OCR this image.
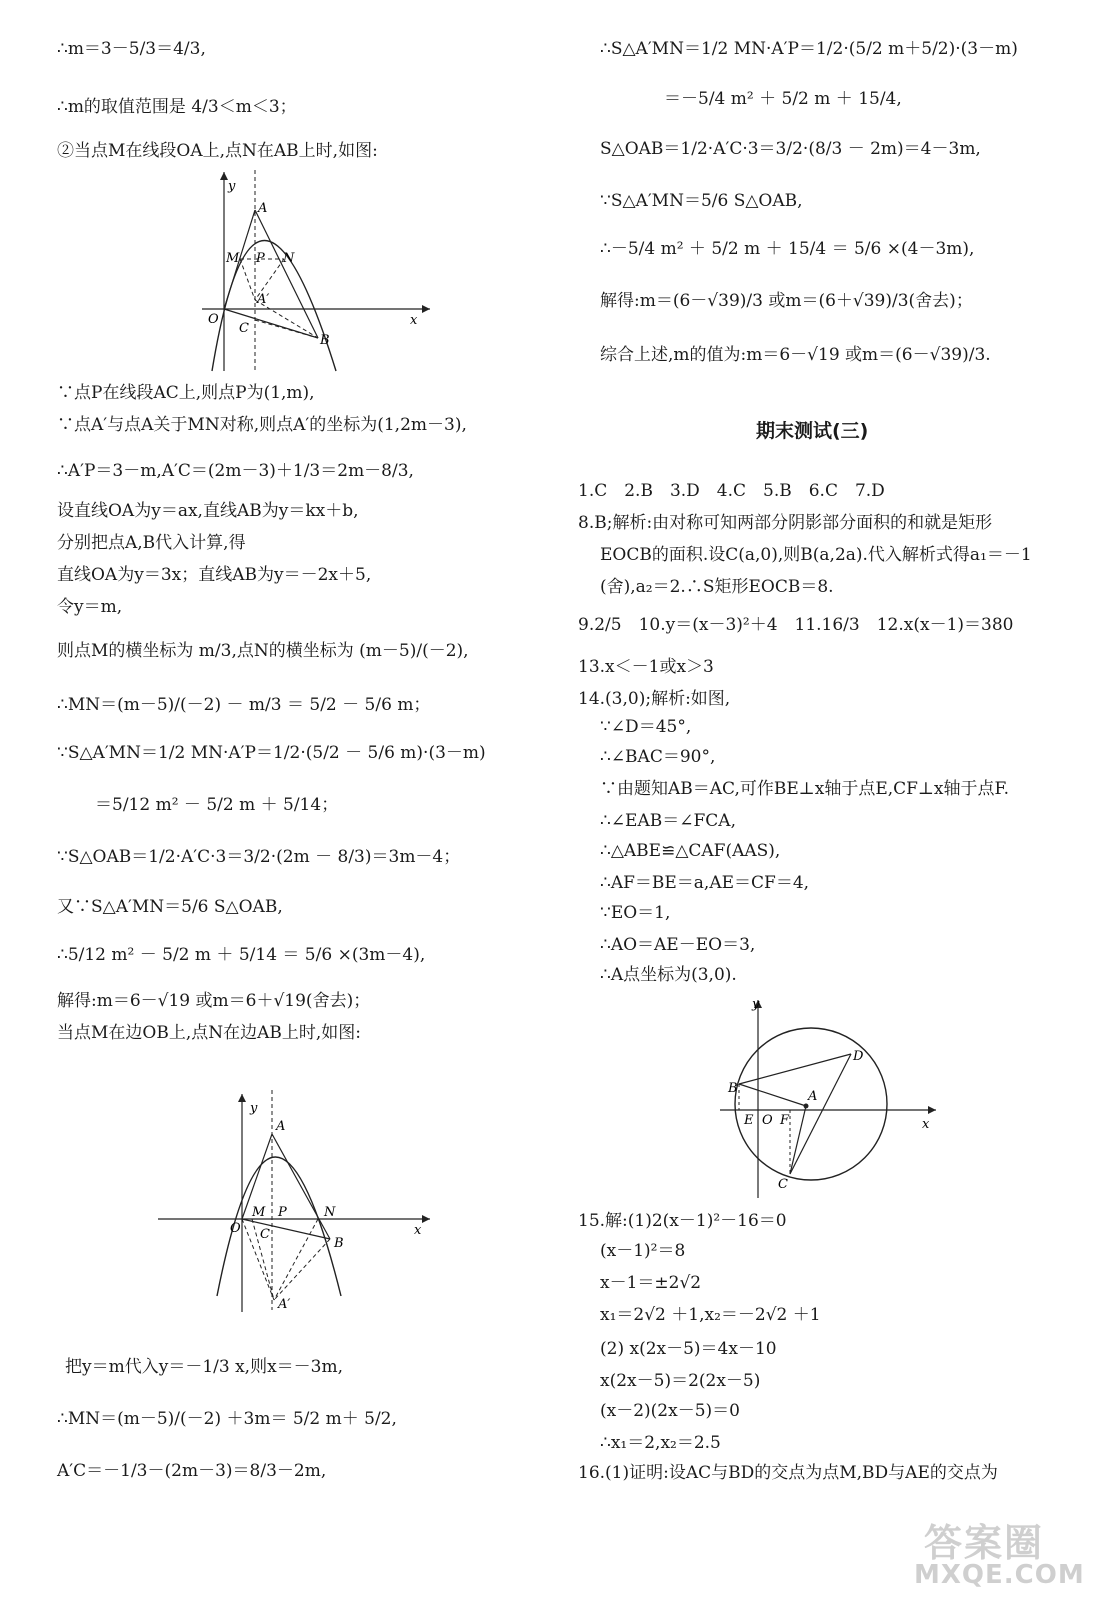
∴m＝3－5/3＝4/3,
∴m的取值范围是 4/3＜m＜3；
②当点M在线段OA上,点N在AB上时,如图:
y
A
M P N
A′
O
C
B
x
∵点P在线段AC上,则点P为(1,m),
∵点A′与点A关于MN对称,则点A′的坐标为(1,2m－3),
∴A′P＝3－m,A′C＝(2m－3)＋1/3＝2m－8/3,
设直线OA为y＝ax,直线AB为y＝kx＋b,
分别把点A,B代入计算,得
直线OA为y＝3x；直线AB为y＝－2x＋5,
令y＝m,
则点M的横坐标为 m/3,点N的横坐标为 (m－5)/(－2),
∴MN＝(m－5)/(－2) － m/3 ＝ 5/2 － 5/6 m；
∵S△A′MN＝1/2 MN·A′P＝1/2·(5/2 － 5/6 m)·(3－m)
＝5/12 m² － 5/2 m ＋ 5/14；
∵S△OAB＝1/2·A′C·3＝3/2·(2m － 8/3)＝3m－4；
又∵S△A′MN＝5/6 S△OAB,
∴5/12 m² － 5/2 m ＋ 5/14 ＝ 5/6 ×(3m－4),
解得:m＝6－√19 或m＝6＋√19(舍去)；
当点M在边OB上,点N在边AB上时,如图:
y
A
O
M P	N
C
B
A′
x
把y＝m代入y＝－1/3 x,则x＝－3m,
∴MN＝(m－5)/(－2) ＋3m＝ 5/2 m＋ 5/2,
A′C＝－1/3－(2m－3)＝8/3－2m,
∴S△A′MN＝1/2 MN·A′P＝1/2·(5/2 m＋5/2)·(3－m)
＝－5/4 m² ＋ 5/2 m ＋ 15/4,
S△OAB＝1/2·A′C·3＝3/2·(8/3 － 2m)＝4－3m,
∵S△A′MN＝5/6 S△OAB,
∴－5/4 m² ＋ 5/2 m ＋ 15/4 ＝ 5/6 ×(4－3m),
解得:m＝(6－√39)/3 或m＝(6＋√39)/3(舍去)；
综合上述,m的值为:m＝6－√19 或m＝(6－√39)/3.
期末测试(三)
1.C　2.B　3.D　4.C　5.B　6.C　7.D
8.B;解析:由对称可知两部分阴影部分面积的和就是矩形
EOCB的面积.设C(a,0),则B(a,2a).代入解析式得a₁＝－1
(舍),a₂＝2.∴S矩形EOCB＝8.
9.2/5　10.y＝(x－3)²＋4　11.16/3　12.x(x－1)＝380
13.x＜－1或x＞3
14.(3,0);解析:如图,
∵∠D＝45°,
∴∠BAC＝90°,
∵由题知AB＝AC,可作BE⊥x轴于点E,CF⊥x轴于点F.
∴∠EAB＝∠FCA,
∴△ABE≌△CAF(AAS),
∴AF＝BE＝a,AE＝CF＝4,
∵EO＝1,
∴AO＝AE－EO＝3,
∴A点坐标为(3,0).
y
D
B
A
E O F
C
x
15.解:(1)2(x－1)²－16＝0
(x－1)²＝8
x－1＝±2√2
x₁＝2√2 ＋1,x₂＝－2√2 ＋1
(2) x(2x－5)＝4x－10
x(2x－5)＝2(2x－5)
(x－2)(2x－5)＝0
∴x₁＝2,x₂＝2.5
16.(1)证明:设AC与BD的交点为点M,BD与AE的交点为
答案圈
MXQE.COM
